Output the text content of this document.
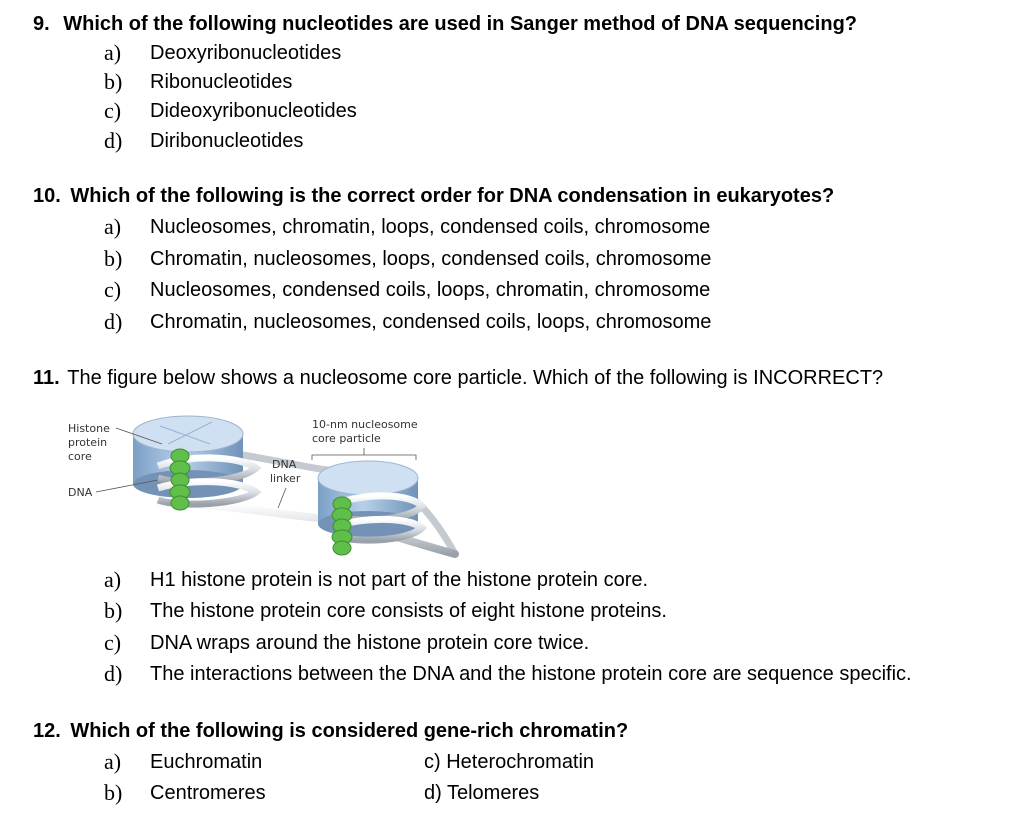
9. Which of the following nucleotides are used in Sanger method of DNA sequencing?
a) Deoxyribonucleotides
b) Ribonucleotides
c) Dideoxyribonucleotides
d) Diribonucleotides
10. Which of the following is the correct order for DNA condensation in eukaryotes?
a) Nucleosomes, chromatin, loops, condensed coils, chromosome
b) Chromatin, nucleosomes, loops, condensed coils, chromosome
c) Nucleosomes, condensed coils, loops, chromatin, chromosome
d) Chromatin, nucleosomes, condensed coils, loops, chromosome
11. The figure below shows a nucleosome core particle. Which of the following is INCORRECT?
Histone
protein
core
DNA
DNA
linker
10-nm nucleosome
core particle
a) H1 histone protein is not part of the histone protein core.
b) The histone protein core consists of eight histone proteins.
c) DNA wraps around the histone protein core twice.
d) The interactions between the DNA and the histone protein core are sequence specific.
12. Which of the following is considered gene-rich chromatin?
a) Euchromatin
b) Centromeres
c) Heterochromatin
d) Telomeres
